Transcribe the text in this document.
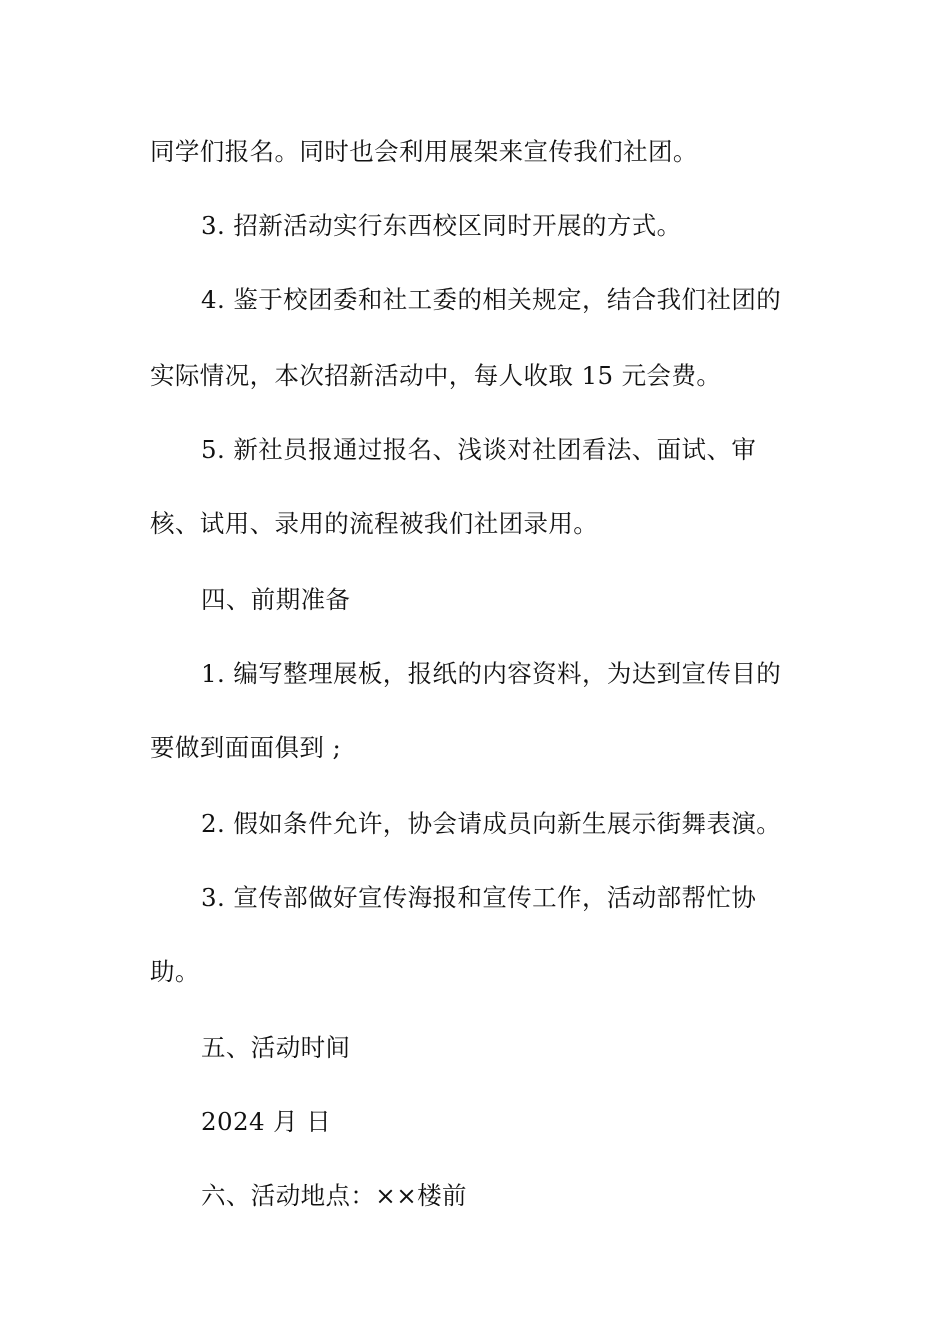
同学们报名。同时也会利用展架来宣传我们社团。
3. 招新活动实行东西校区同时开展的方式。
4. 鉴于校团委和社工委的相关规定，结合我们社团的
实际情况，本次招新活动中，每人收取 15 元会费。
5. 新社员报通过报名、浅谈对社团看法、面试、审
核、试用、录用的流程被我们社团录用。
四、前期准备
1. 编写整理展板，报纸的内容资料，为达到宣传目的
要做到面面俱到 ;
2. 假如条件允许，协会请成员向新生展示街舞表演。
3. 宣传部做好宣传海报和宣传工作，活动部帮忙协
助。
五、活动时间
2024 月 日
六、活动地点：××楼前
